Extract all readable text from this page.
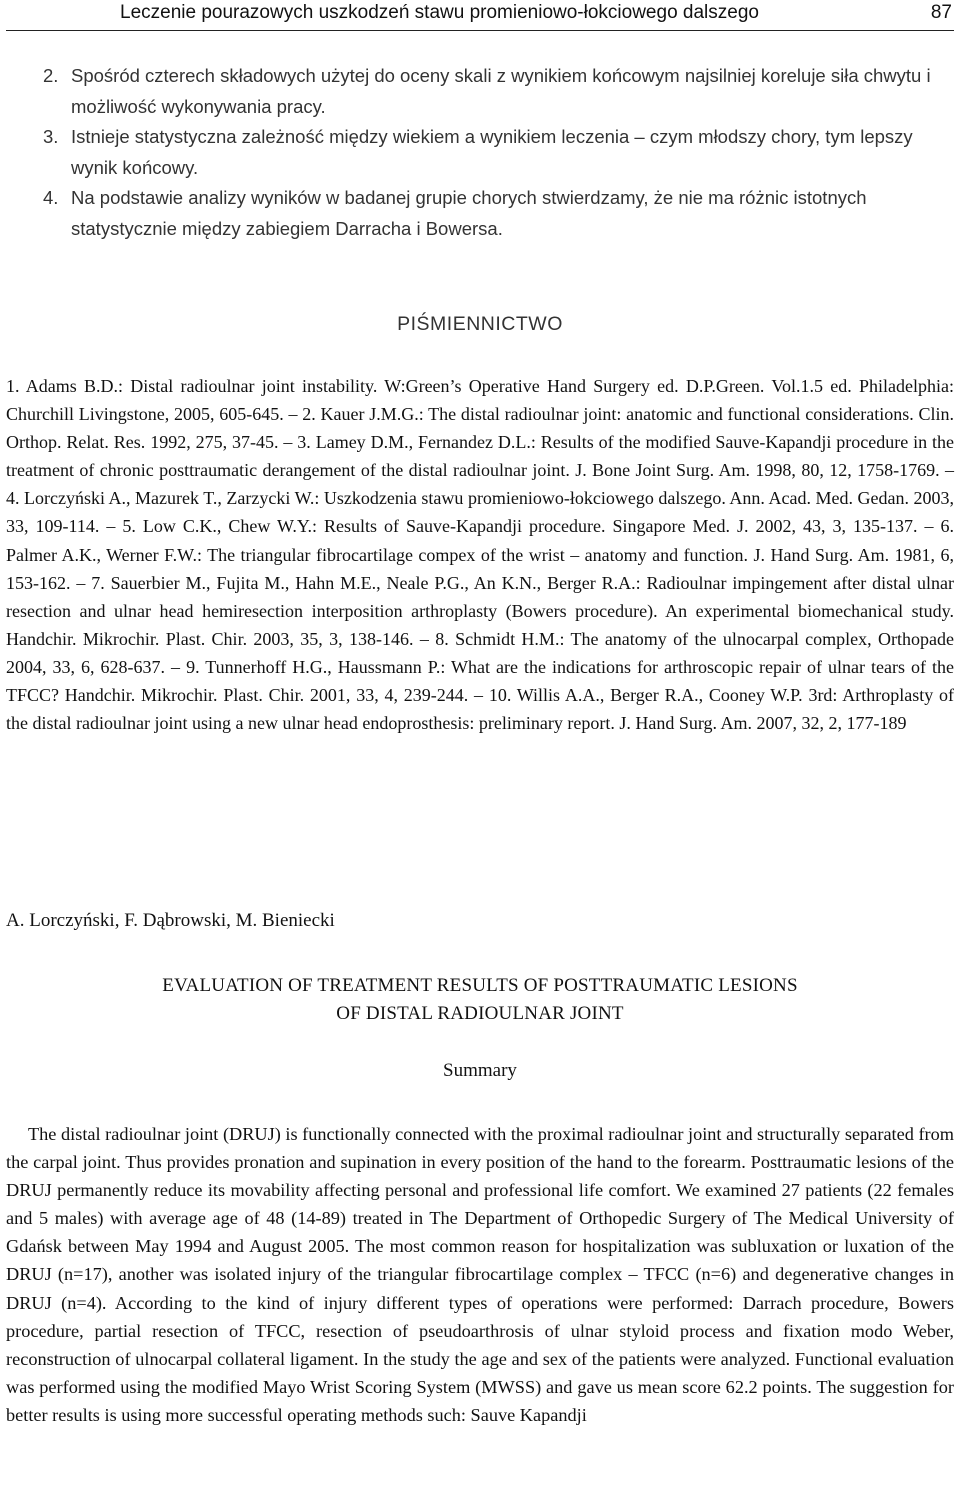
Leczenie pourazowych uszkodzeń stawu promieniowo-łokciowego dalszego	87
2. Spośród czterech składowych użytej do oceny skali z wynikiem końcowym najsilniej koreluje siła chwytu i możliwość wykonywania pracy.
3. Istnieje statystyczna zależność między wiekiem a wynikiem leczenia – czym młodszy chory, tym lepszy wynik końcowy.
4. Na podstawie analizy wyników w badanej grupie chorych stwierdzamy, że nie ma różnic istotnych statystycznie między zabiegiem Darracha i Bowersa.
PIŚMIENNICTWO

1. Adams B.D.: Distal radioulnar joint instability. W:Green’s Operative Hand Surgery ed. D.P.Green. Vol.1.5 ed. Philadelphia: Churchill Livingstone, 2005, 605-645. – 2. Kauer J.M.G.: The distal radioulnar joint: anatomic and functional considerations. Clin. Orthop. Relat. Res. 1992, 275, 37-45. – 3. Lamey D.M., Fernandez D.L.: Results of the modified Sauve-Kapandji procedure in the treatment of chronic posttraumatic derangement of the distal radioulnar joint. J. Bone Joint Surg. Am. 1998, 80, 12, 1758-1769. – 4. Lorczyński A., Mazurek T., Zarzycki W.: Uszkodzenia stawu promieniowo-łokciowego dalszego. Ann. Acad. Med. Gedan. 2003, 33, 109-114. – 5. Low C.K., Chew W.Y.: Results of Sauve-Kapandji procedure. Singapore Med. J. 2002, 43, 3, 135-137. – 6. Palmer A.K., Werner F.W.: The triangular fibrocartilage compex of the wrist – anatomy and function. J. Hand Surg. Am. 1981, 6, 153-162. – 7. Sauerbier M., Fujita M., Hahn M.E., Neale P.G., An K.N., Berger R.A.: Radioulnar impingement after distal ulnar resection and ulnar head hemiresection interposition arthroplasty (Bowers procedure). An experimental biomechanical study. Handchir. Mikrochir. Plast. Chir. 2003, 35, 3, 138-146. – 8. Schmidt H.M.: The anatomy of the ulnocarpal complex, Orthopade 2004, 33, 6, 628-637. – 9. Tunnerhoff H.G., Haussmann P.: What are the indications for arthroscopic repair of ulnar tears of the TFCC? Handchir. Mikrochir. Plast. Chir. 2001, 33, 4, 239-244. – 10. Willis A.A., Berger R.A., Cooney W.P. 3rd: Arthroplasty of the distal radioulnar joint using a new ulnar head endoprosthesis: preliminary report. J. Hand Surg. Am. 2007, 32, 2, 177-189

A. Lorczyński, F. Dąbrowski, M. Bieniecki
EVALUATION OF TREATMENT RESULTS OF POSTTRAUMATIC LESIONS
OF DISTAL RADIOULNAR JOINT
Summary

The distal radioulnar joint (DRUJ) is functionally connected with the proximal radioulnar joint and structurally separated from the carpal joint. Thus provides pronation and supination in every position of the hand to the forearm. Posttraumatic lesions of the DRUJ permanently reduce its movability affecting personal and professional life comfort. We examined 27 patients (22 females and 5 males) with average age of 48 (14-89) treated in The Department of Orthopedic Surgery of The Medical University of Gdańsk between May 1994 and August 2005. The most common reason for hospitalization was subluxation or luxation of the DRUJ (n=17), another was isolated injury of the triangular fibrocartilage complex – TFCC (n=6) and degenerative changes in DRUJ (n=4). According to the kind of injury different types of operations were performed: Darrach procedure, Bowers procedure, partial resection of TFCC, resection of pseudoarthrosis of ulnar styloid process and fixation modo Weber, reconstruction of ulnocarpal collateral ligament. In the study the age and sex of the patients were analyzed. Functional evaluation was performed using the modified Mayo Wrist Scoring System (MWSS) and gave us mean score 62.2 points. The suggestion for better results is using more successful operating methods such: Sauve Kapandji
